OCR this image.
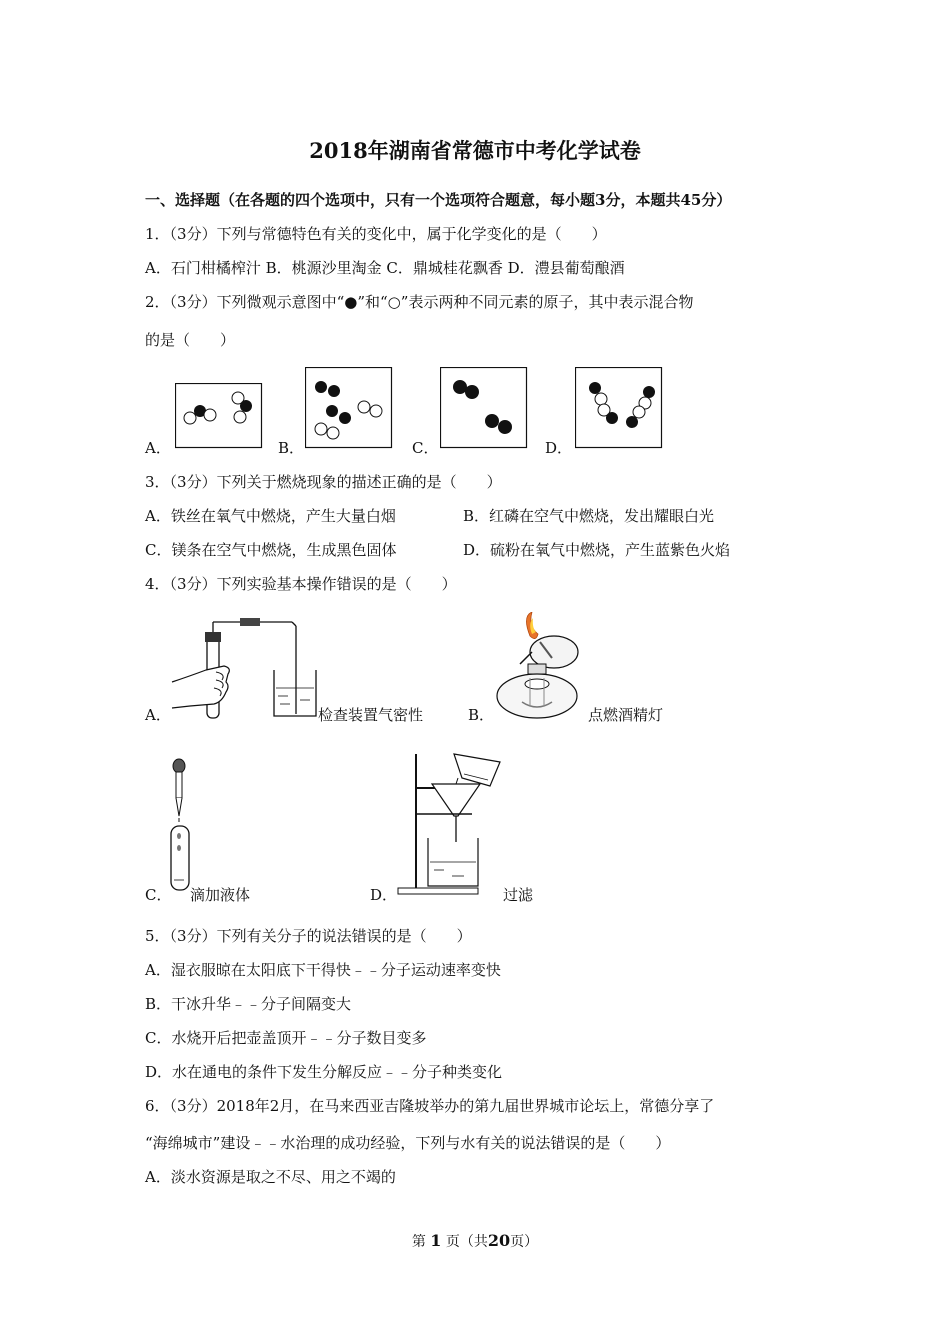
2018年湖南省常德市中考化学试卷
一、选择题（在各题的四个选项中，只有一个选项符合题意，每小题3分，本题共45分）
1．（3分）下列与常德特色有关的变化中，属于化学变化的是（　　）
A．石门柑橘榨汁 B．桃源沙里淘金 C．鼎城桂花飘香 D．澧县葡萄酿酒
2．（3分）下列微观示意图中“●”和“○”表示两种不同元素的原子，其中表示混合物
的是（　　）
A．	B．	C．	D．
3．（3分）下列关于燃烧现象的描述正确的是（　　）
A．铁丝在氧气中燃烧，产生大量白烟	B．红磷在空气中燃烧，发出耀眼白光
C．镁条在空气中燃烧，生成黑色固体	D．硫粉在氧气中燃烧，产生蓝紫色火焰
4．（3分）下列实验基本操作错误的是（　　）
A．	检查装置气密性	B．	点燃酒精灯
C． 滴加液体	D．	过滤
5．（3分）下列有关分子的说法错误的是（　　）
A．湿衣服晾在太阳底下干得快﹣﹣分子运动速率变快
B．干冰升华﹣﹣分子间隔变大
C．水烧开后把壶盖顶开﹣﹣分子数目变多
D．水在通电的条件下发生分解反应﹣﹣分子种类变化
6．（3分）2018年2月，在马来西亚吉隆坡举办的第九届世界城市论坛上，常德分享了
“海绵城市”建设﹣﹣水治理的成功经验，下列与水有关的说法错误的是（　　）
A．淡水资源是取之不尽、用之不竭的
第 1 页（共20页）
